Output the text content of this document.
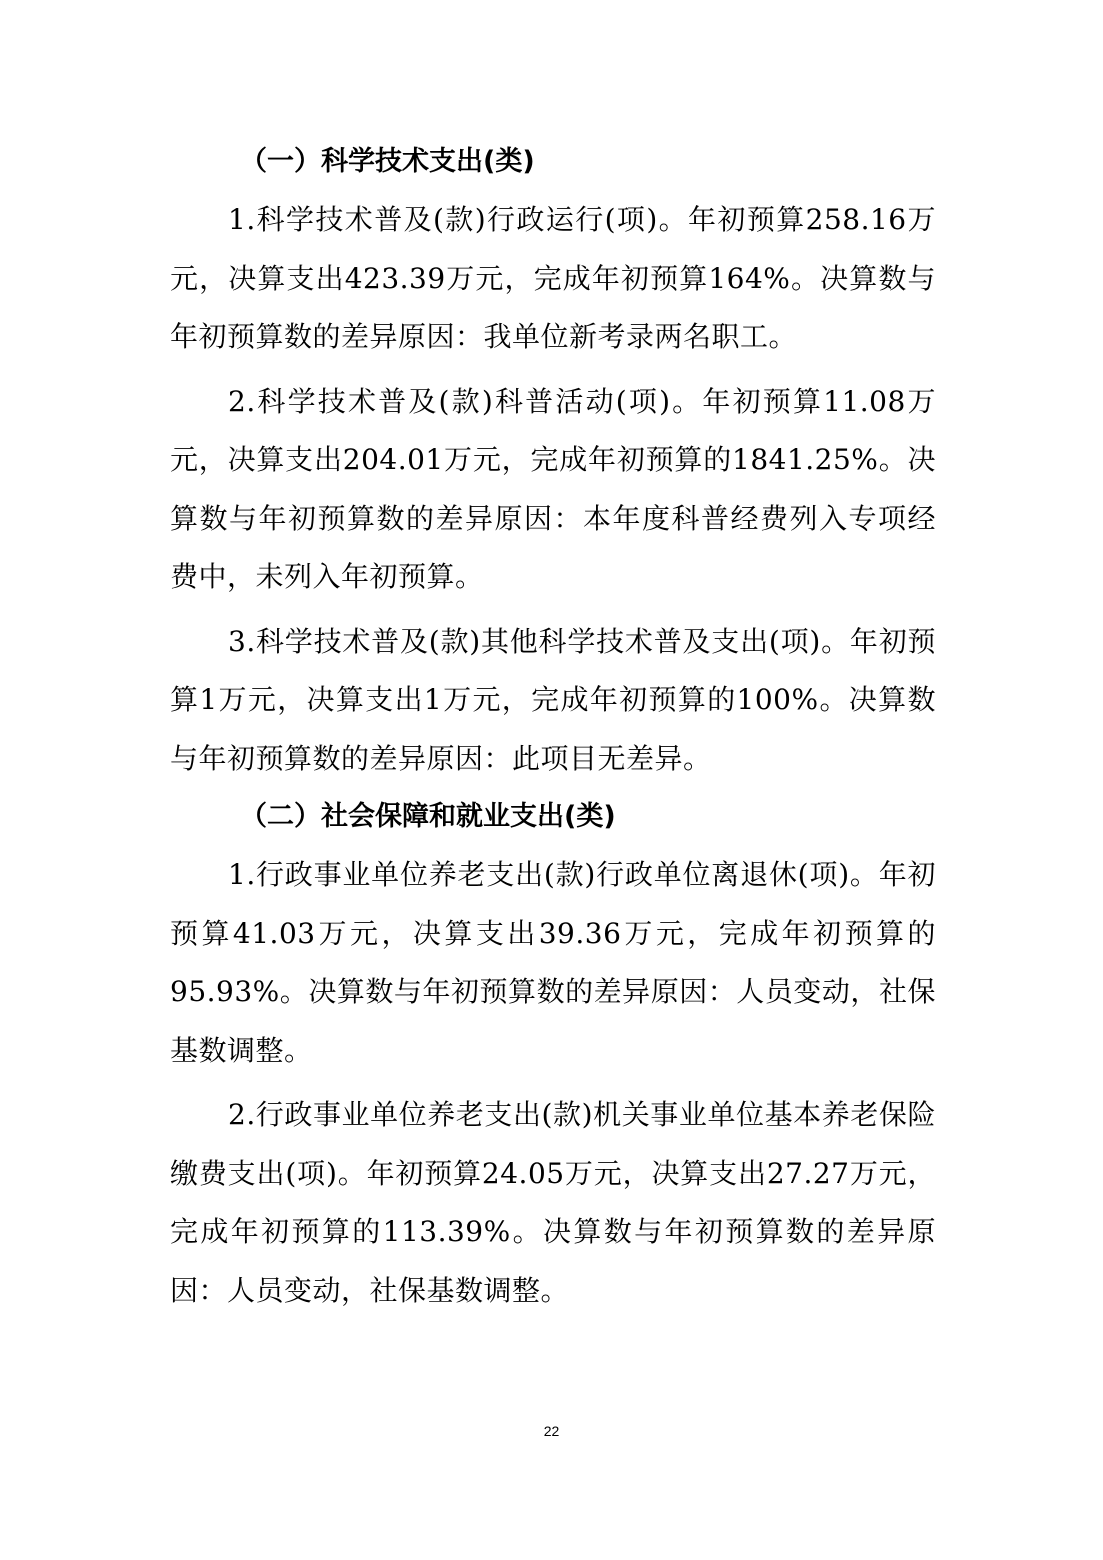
（一）科学技术支出(类)

1.科学技术普及(款)行政运行(项)。年初预算258.16万元，决算支出423.39万元，完成年初预算164%。决算数与年初预算数的差异原因：我单位新考录两名职工。

2.科学技术普及(款)科普活动(项)。年初预算11.08万元，决算支出204.01万元，完成年初预算的1841.25%。决算数与年初预算数的差异原因：本年度科普经费列入专项经费中，未列入年初预算。

3.科学技术普及(款)其他科学技术普及支出(项)。年初预算1万元，决算支出1万元，完成年初预算的100%。决算数与年初预算数的差异原因：此项目无差异。

（二）社会保障和就业支出(类)

1.行政事业单位养老支出(款)行政单位离退休(项)。年初预算41.03万元，决算支出39.36万元，完成年初预算的95.93%。决算数与年初预算数的差异原因：人员变动，社保基数调整。

2.行政事业单位养老支出(款)机关事业单位基本养老保险缴费支出(项)。年初预算24.05万元，决算支出27.27万元，完成年初预算的113.39%。决算数与年初预算数的差异原因：人员变动，社保基数调整。

22
